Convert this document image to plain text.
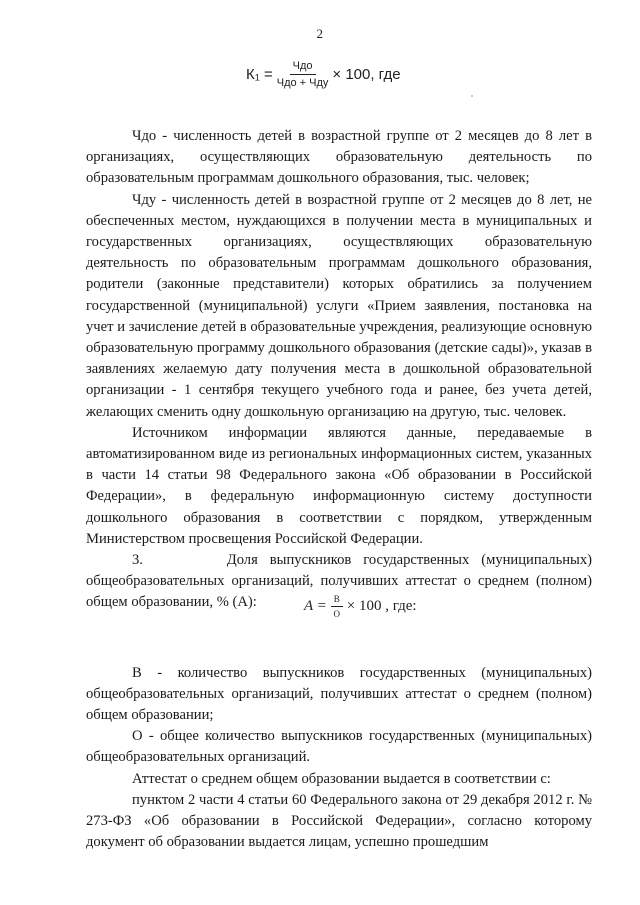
2
$К_1 = \frac{\text{Чдо}}{\text{Чдо + Чду}} \times 100$, где

Чдо - численность детей в возрастной группе от 2 месяцев до 8 лет в организациях, осуществляющих образовательную деятельность по образовательным программам дошкольного образования, тыс. человек;

Чду - численность детей в возрастной группе от 2 месяцев до 8 лет, не обеспеченных местом, нуждающихся в получении места в муниципальных и государственных организациях, осуществляющих образовательную деятельность по образовательным программам дошкольного образования, родители (законные представители) которых обратились за получением государственной (муниципальной) услуги «Прием заявления, постановка на учет и зачисление детей в образовательные учреждения, реализующие основную образовательную программу дошкольного образования (детские сады)», указав в заявлениях желаемую дату получения места в дошкольной образовательной организации - 1 сентября текущего учебного года и ранее, без учета детей, желающих сменить одну дошкольную организацию на другую, тыс. человек.

Источником информации являются данные, передаваемые в автоматизированном виде из региональных информационных систем, указанных в части 14 статьи 98 Федерального закона «Об образовании в Российской Федерации», в федеральную информационную систему доступности дошкольного образования в соответствии с порядком, утвержденным Министерством просвещения Российской Федерации.

3.       Доля выпускников государственных (муниципальных) общеобразовательных организаций, получивших аттестат о среднем (полном) общем образовании, % (А):

В - количество выпускников государственных (муниципальных) общеобразовательных организаций, получивших аттестат о среднем (полном) общем образовании;

О - общее количество выпускников государственных (муниципальных) общеобразовательных организаций.

Аттестат о среднем общем образовании выдается в соответствии с:

пунктом 2 части 4 статьи 60 Федерального закона от 29 декабря 2012 г. № 273-ФЗ «Об образовании в Российской Федерации», согласно которому документ об образовании выдается лицам, успешно прошедшим

$A = \frac{В}{О} \times 100$ , где:
